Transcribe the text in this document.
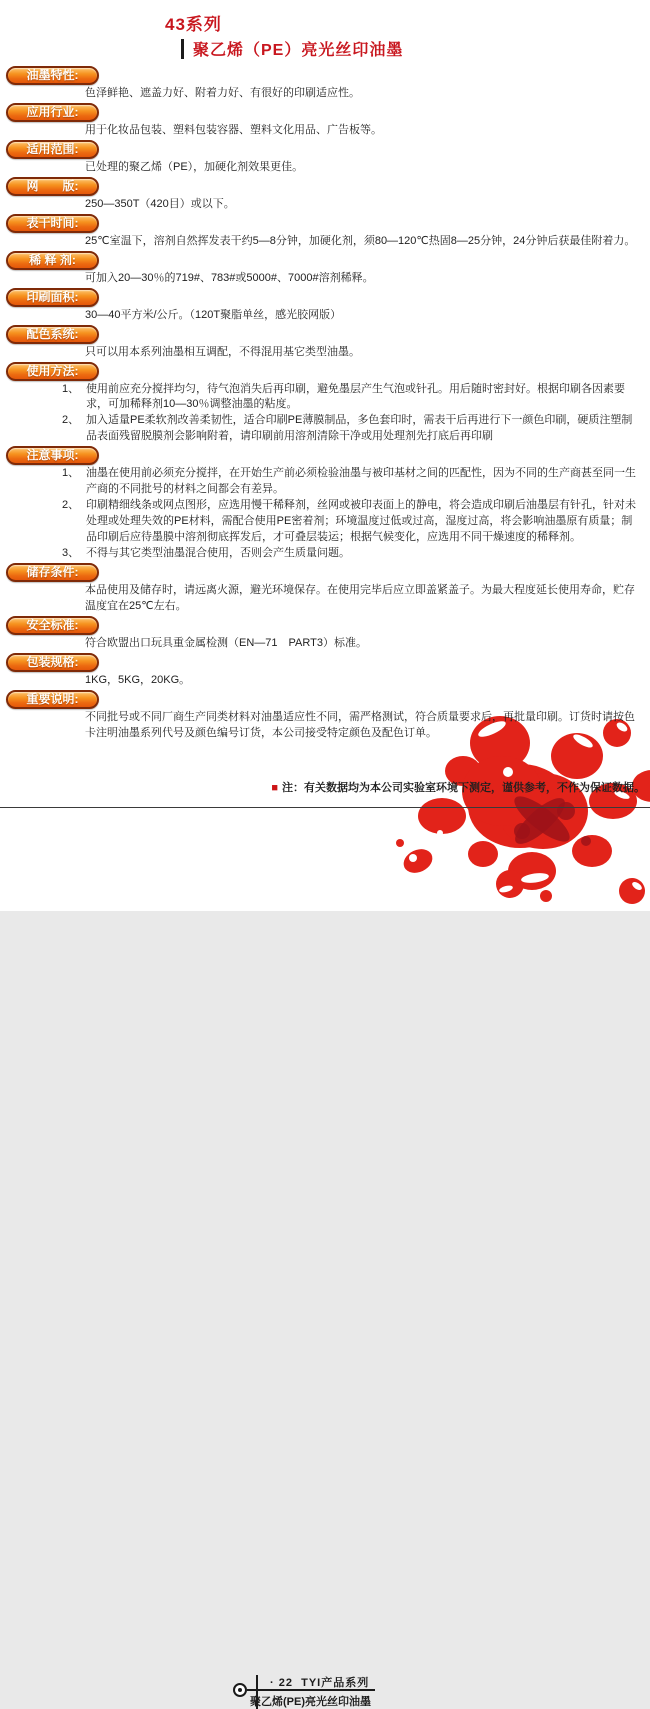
43系列
聚乙烯（PE）亮光丝印油墨
油墨特性:

色泽鲜艳、遮盖力好、附着力好、有很好的印刷适应性。

应用行业:

用于化妆品包装、塑料包装容器、塑料文化用品、广告板等。

适用范围:

已处理的聚乙烯（PE），加硬化剂效果更佳。

网　　版:

250—350T（420目）或以下。

表干时间:

25℃室温下，溶剂自然挥发表干约5—8分钟，加硬化剂，须80—120℃热固8—25分钟，24分钟后获最佳附着力。

稀 释 剂:

可加入20—30％的719#、783#或5000#、7000#溶剂稀释。

印刷面积:

30—40平方米/公斤。（120T聚脂单丝，感光胶网版）

配色系统:

只可以用本系列油墨相互调配，不得混用基它类型油墨。

使用方法:
1、 使用前应充分搅拌均匀，待气泡消失后再印刷，避免墨层产生气泡或针孔。用后随时密封好。根据印刷各因素要求，可加稀释剂10—30％调整油墨的粘度。
2、 加入适量PE柔软剂改善柔韧性，适合印刷PE薄膜制品，多色套印时，需表干后再进行下一颜色印刷，硬质注塑制品表面残留脱膜剂会影响附着，请印刷前用溶剂清除干净或用处理剂先打底后再印刷
注意事项:
1、 油墨在使用前必须充分搅拌，在开始生产前必须检验油墨与被印基材之间的匹配性，因为不同的生产商甚至同一生产商的不同批号的材料之间都会有差异。
2、 印刷精细线条或网点图形，应选用慢干稀释剂，丝网或被印表面上的静电，将会造成印刷后油墨层有针孔，针对未处理或处理失效的PE材料，需配合使用PE密着剂；环境温度过低或过高，湿度过高，将会影响油墨原有质量；制品印刷后应待墨膜中溶剂彻底挥发后，才可叠层装运；根据气候变化，应选用不同干燥速度的稀释剂。
3、 不得与其它类型油墨混合使用，否则会产生质量问题。
储存条件:

本品使用及储存时，请远离火源，避光环境保存。在使用完毕后应立即盖紧盖子。为最大程度延长使用寿命，贮存温度宜在25℃左右。

安全标准:

符合欧盟出口玩具重金属检测（EN—71　PART3）标准。

包装规格:

1KG，5KG，20KG。

重要说明:

不同批号或不同厂商生产同类材料对油墨适应性不同，需严格测试，符合质量要求后，再批量印刷。订货时请按色卡注明油墨系列代号及颜色编号订货，本公司接受特定颜色及配色订单。

■ 注：有关数据均为本公司实验室环境下测定，谨供参考，不作为保证数据。
· 22 TYI产品系列
聚乙烯(PE)亮光丝印油墨
